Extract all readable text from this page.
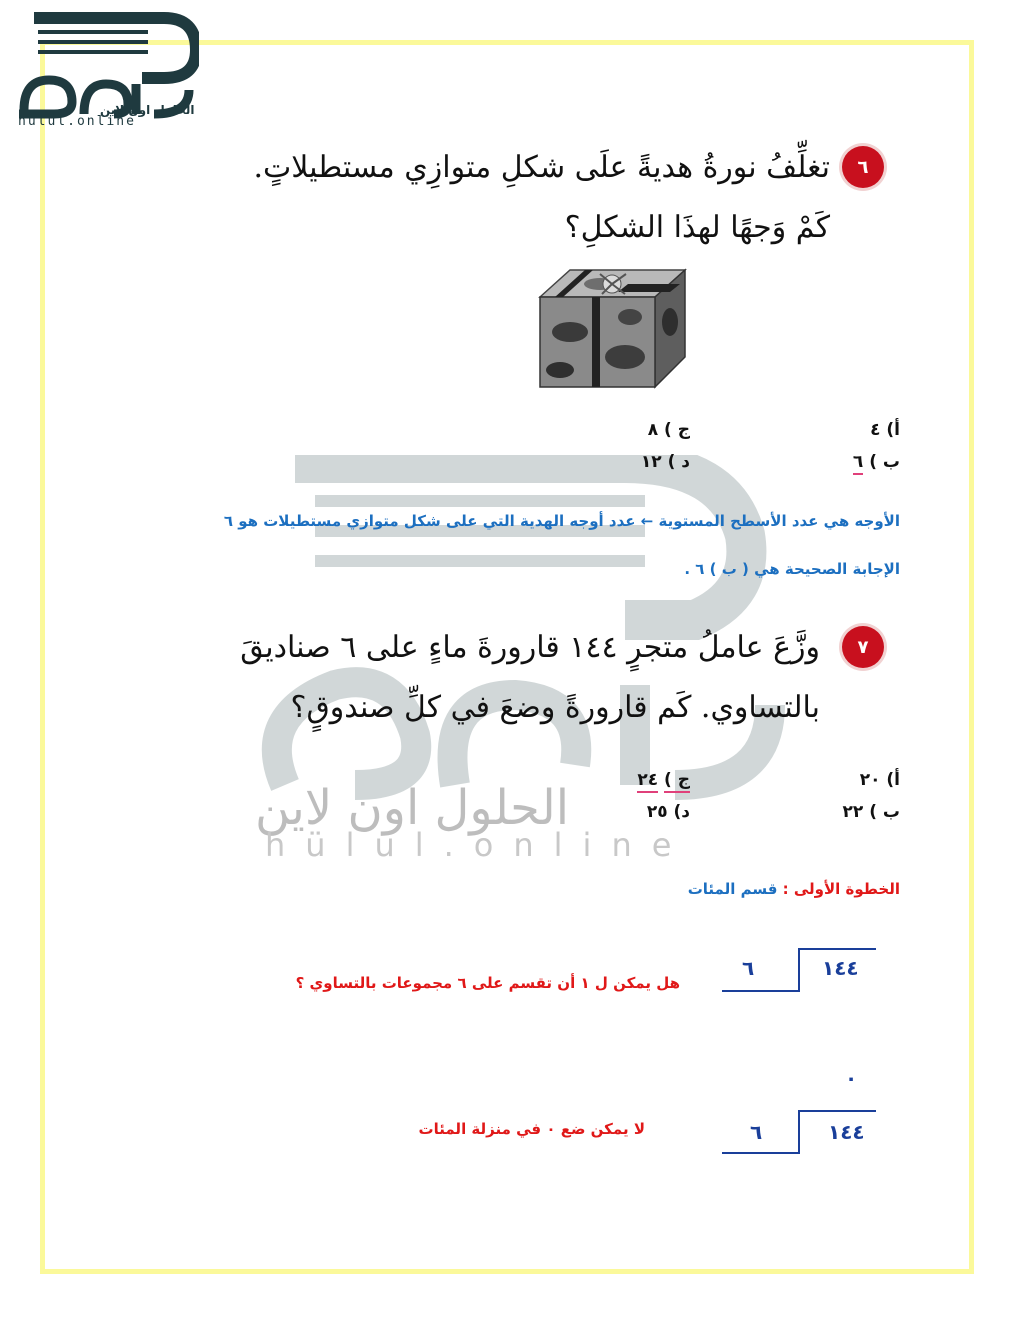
الحلول اون لاين
hulul.online
الحلول اون لاين
hülul.online
٦
تغلِّفُ نورةُ هديةً علَى شكلِ متوازِي مستطيلاتٍ.
كَمْ وَجهًا لهذَا الشكلِ؟
أ) ٤
ج ) ٨
ب ) ٦
د ) ١٢
الأوجه هي عدد الأسطح المستوية ← عدد أوجه الهدية التي على شكل متوازي مستطيلات هو ٦
الإجابة الصحيحة هي ( ب ) ٦ .
٧
وزَّعَ عاملُ متجرٍ ١٤٤ قارورةَ ماءٍ على ٦ صناديقَ
بالتساوي. كَم قارورةً وضعَ في كلِّ صندوقٍ؟
أ) ٢٠
ج ) ٢٤
ب ) ٢٢
د) ٢٥
الخطوة الأولى : قسم المئات
٦	١٤٤
هل يمكن ل ١ أن تقسم على ٦ مجموعات بالتساوي ؟
٠
٦	١٤٤
لا يمكن ضع ٠ في منزلة المئات
